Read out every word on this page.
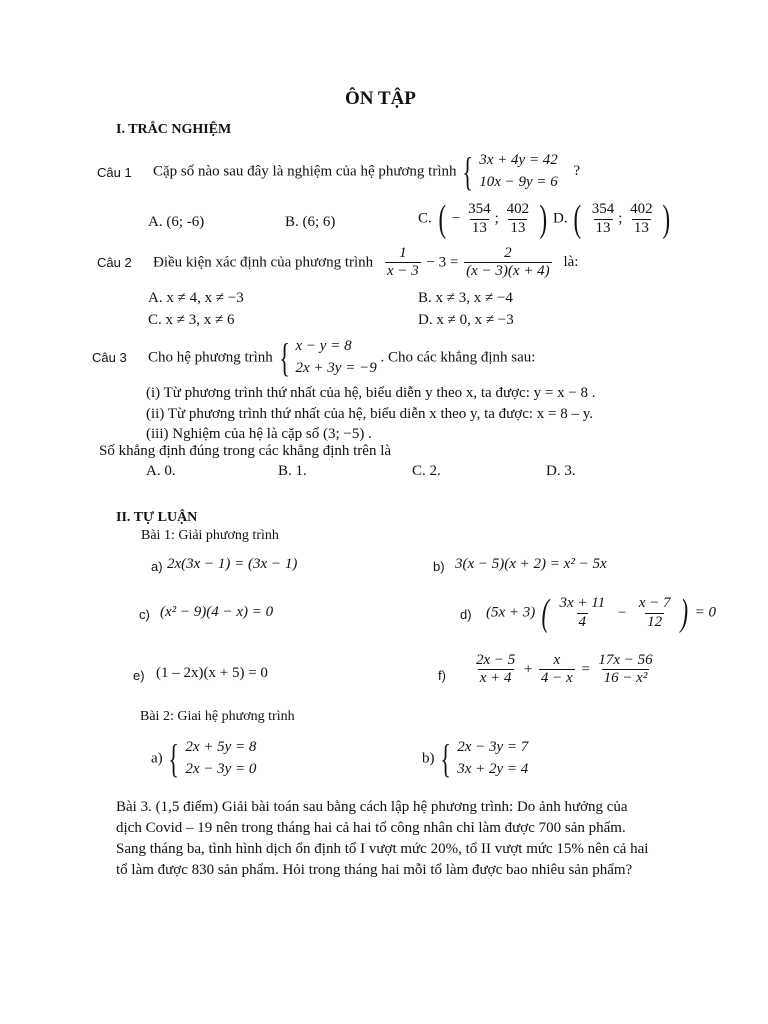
ÔN TẬP
I. TRẮC NGHIỆM
Câu 1 Cặp số nào sau đây là nghiệm của hệ phương trình { 3x + 4y = 42
10x − 9y = 6
?
A. (6; -6)	B. (6; 6)	C. ( − $\frac{354}{13}$ ; $\frac{402}{13}$ ) D. ( $\frac{354}{13}$ ; $\frac{402}{13}$ )
Câu 2 Điều kiện xác định của phương trình $\frac{1}{x - 3} - 3 = \frac{2}{(x - 3)(x + 4)}$ là:
A. x ≠ 4, x ≠ −3	B. x ≠ 3, x ≠ −4
C. x ≠ 3, x ≠ 6	D. x ≠ 0, x ≠ −3
Câu 3 Cho hệ phương trình { x − y = 8
2x + 3y = −9
. Cho các khẳng định sau:
(i) Từ phương trình thứ nhất của hệ, biểu diễn y theo x, ta được: y = x − 8 .
(ii) Từ phương trình thứ nhất của hệ, biểu diễn x theo y, ta được: x = 8 – y.
(iii) Nghiệm của hệ là cặp số (3; −5) .
Số khẳng định đúng trong các khẳng định trên là
A. 0.	B. 1.	C. 2.	D. 3.
II. TỰ LUẬN
Bài 1: Giải phương trình
a) 2x(3x − 1) = (3x − 1)	b) 3(x − 5)(x + 2) = x² − 5x
c) (x² − 9)(4 − x) = 0	d) (5x + 3) ( $\frac{3x + 11}{4} - \frac{x - 7}{12}$ ) = 0
e) (1 – 2x)(x + 5) = 0	$f) \frac{2x - 5}{x + 4} + \frac{x}{4 - x} = \frac{17x - 56}{\text{16 − x²}}$
Bài 2: Giai hệ phương trình
a) { 2x + 5y = 8
2x − 3y = 0
b) { 2x − 3y = 7
3x + 2y = 4
Bài 3. (1,5 điểm) Giải bài toán sau bằng cách lập hệ phương trình: Do ảnh hưởng của
dịch Covid – 19 nên trong tháng hai cả hai tổ công nhân chỉ làm được 700 sản phẩm.
Sang tháng ba, tình hình dịch ổn định tổ I vượt mức 20%, tổ II vượt mức 15% nên cả hai
tổ làm được 830 sản phẩm. Hỏi trong tháng hai mỗi tổ làm được bao nhiêu sản phẩm?
